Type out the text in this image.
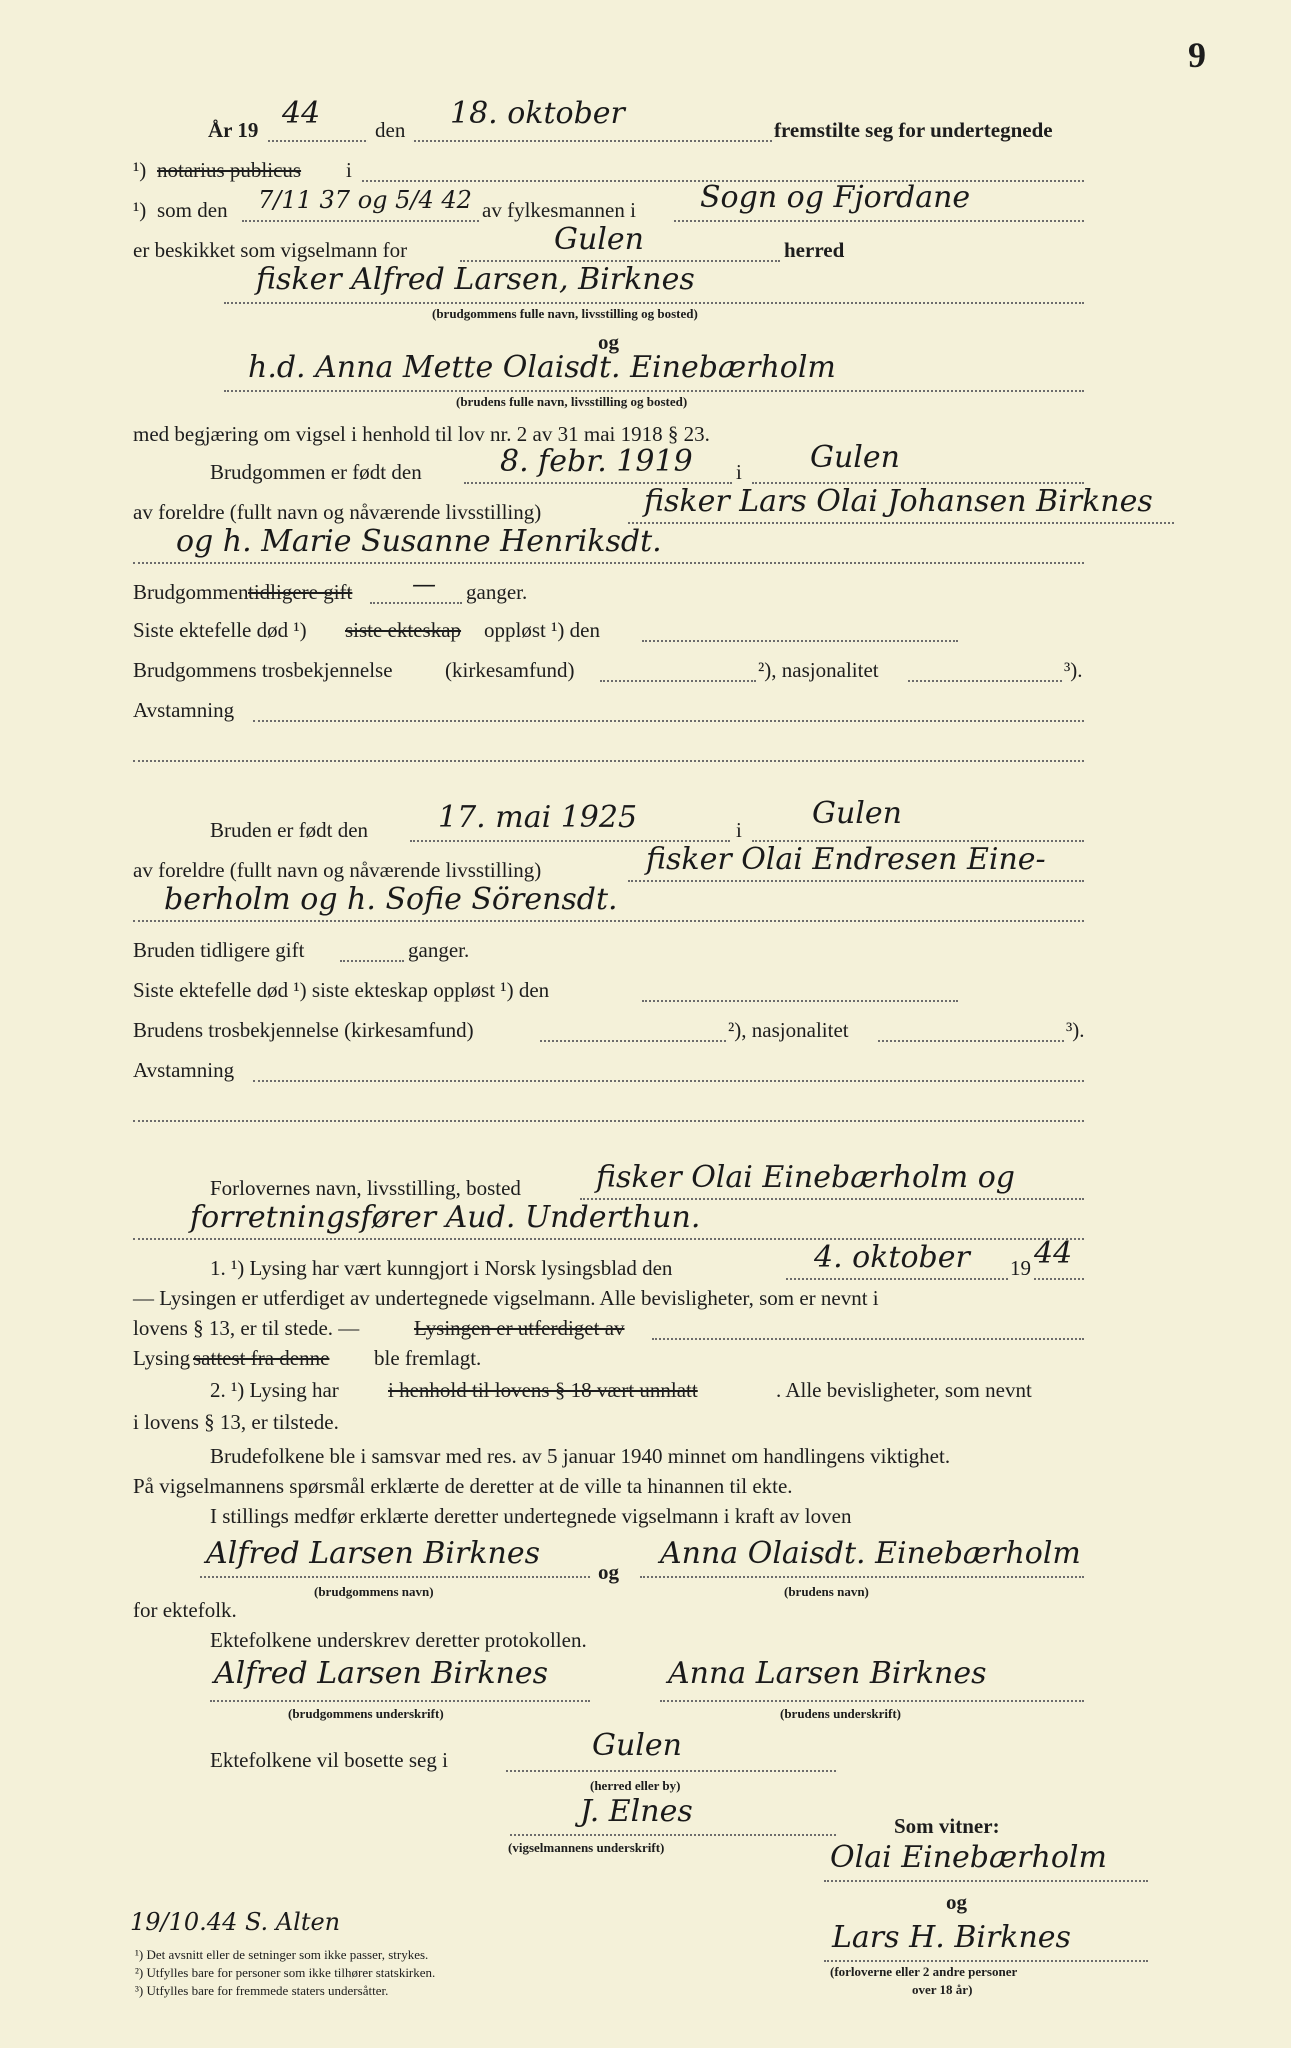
9
År 19 44	den 18. oktober	fremstilte seg for undertegnede
¹) notarius publicus i
¹) som den 7/11 37 og 5/4 42 av fylkesmannen i Sogn og Fjordane
er beskikket som vigselmann for	Gulen	herred
fisker Alfred Larsen, Birknes
(brudgommens fulle navn, livsstilling og bosted)
og
h.d. Anna Mette Olaisdt. Einebærholm
(brudens fulle navn, livsstilling og bosted)
med begjæring om vigsel i henhold til lov nr. 2 av 31 mai 1918 § 23.
Brudgommen er født den	8. febr. 1919 i Gulen
av foreldre (fullt navn og nåværende livsstilling)	fisker Lars Olai Johansen Birknes
og h. Marie Susanne Henriksdt.
Brudgommen tidligere gift — ganger.
Siste ektefelle død ¹) siste ekteskap oppløst ¹) den
Brudgommens trosbekjennelse (kirkesamfund)	²), nasjonalitet	³).
Avstamning
Bruden er født den 17. mai 1925	i Gulen
av foreldre (fullt navn og nåværende livsstilling)	fisker Olai Endresen Eine-
berholm og h. Sofie Sörensdt.
Bruden tidligere gift	ganger.
Siste ektefelle død ¹) siste ekteskap oppløst ¹) den
Brudens trosbekjennelse (kirkesamfund)	²), nasjonalitet	³).
Avstamning
Forlovernes navn, livsstilling, bosted	fisker Olai Einebærholm og
forretningsfører Aud. Underthun.
1. ¹) Lysing har vært kunngjort i Norsk lysingsblad den	4. oktober 19 44
— Lysingen er utferdiget av undertegnede vigselmann. Alle bevisligheter, som er nevnt i
lovens § 13, er til stede. —	Lysingen er utferdiget av
Lysing sattest fra denne ble fremlagt.
2. ¹) Lysing har i henhold til lovens § 18 vært unnlatt	. Alle bevisligheter, som nevnt
i lovens § 13, er tilstede.
Brudefolkene ble i samsvar med res. av 5 januar 1940 minnet om handlingens viktighet.
På vigselmannens spørsmål erklærte de deretter at de ville ta hinannen til ekte.
I stillings medfør erklærte deretter undertegnede vigselmann i kraft av loven
Alfred Larsen Birknes
og
Anna Olaisdt. Einebærholm
(brudgommens navn)	(brudens navn)
for ektefolk.
Ektefolkene underskrev deretter protokollen.
Alfred Larsen Birknes	Anna Larsen Birknes
(brudgommens underskrift)	(brudens underskrift)
Ektefolkene vil bosette seg i	Gulen
(herred eller by)
J. Elnes
(vigselmannens underskrift)
Som vitner:
Olai Einebærholm
og
Lars H. Birknes
(forloverne eller 2 andre personer
over 18 år)
19/10.44 S. Alten
¹) Det avsnitt eller de setninger som ikke passer, strykes.
²) Utfylles bare for personer som ikke tilhører statskirken.
³) Utfylles bare for fremmede staters undersåtter.
